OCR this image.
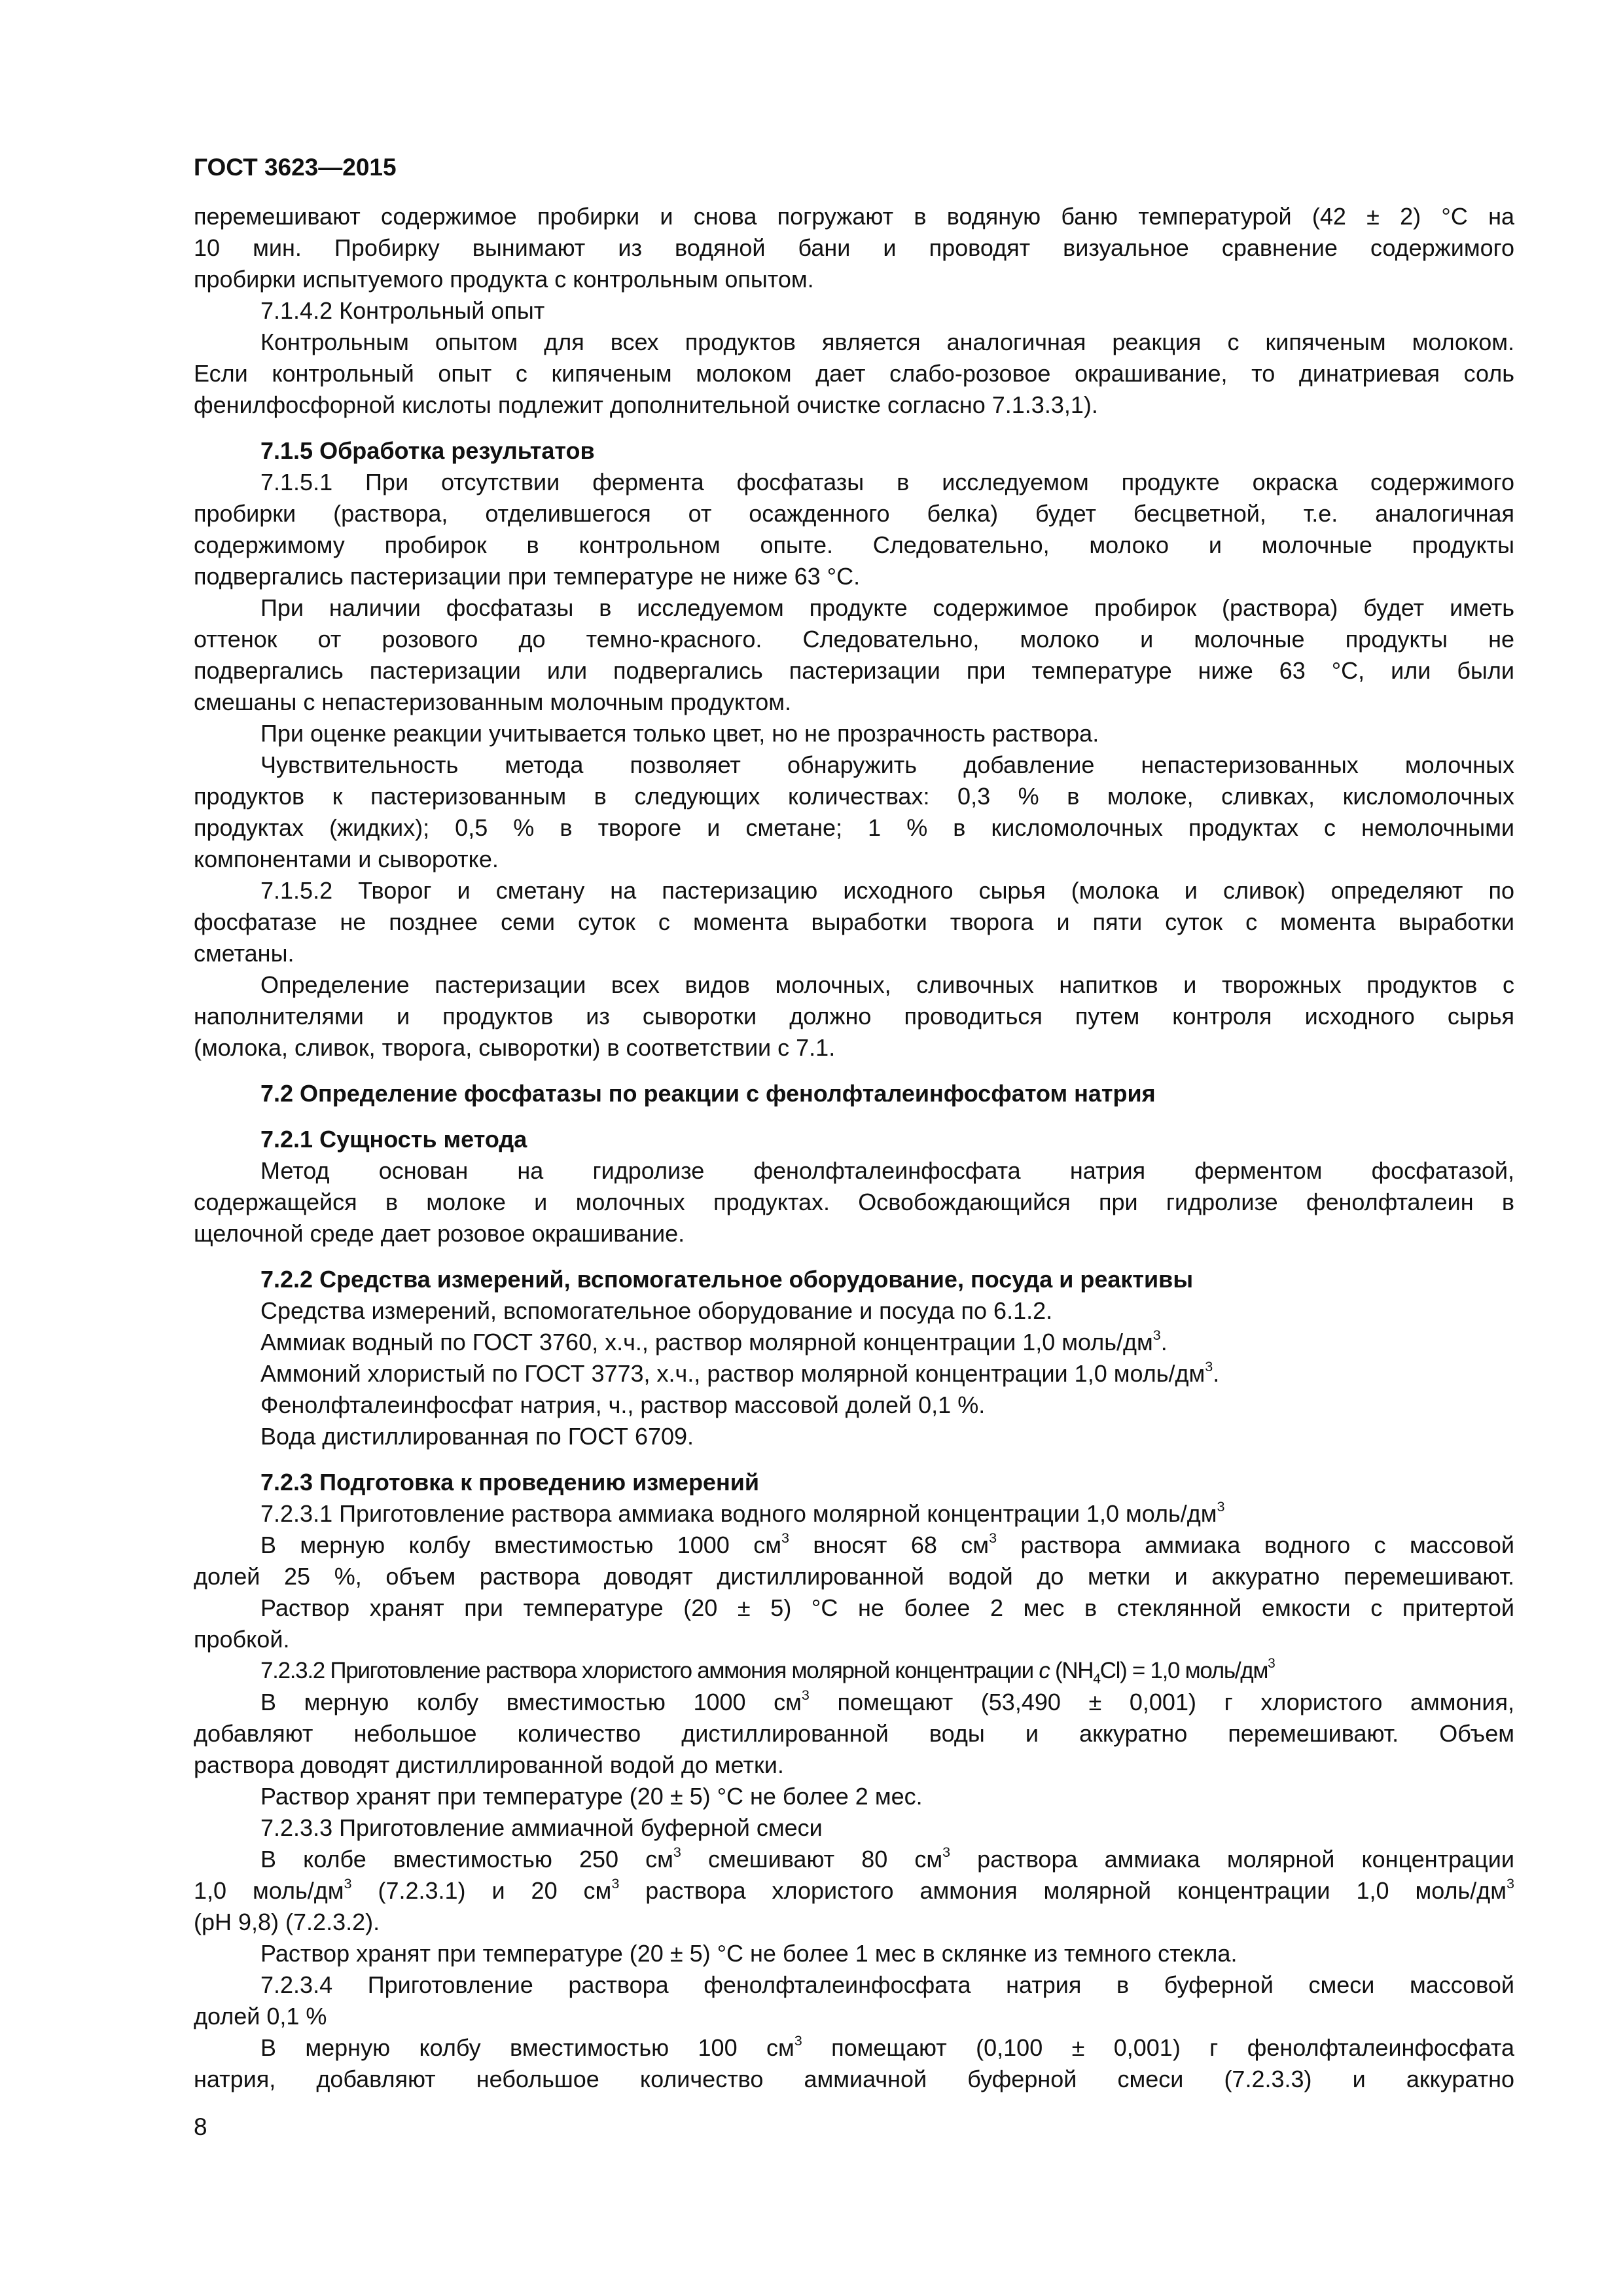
ГОСТ 3623—2015
перемешивают содержимое пробирки и снова погружают в водяную баню температурой (42 ± 2) °С на
10 мин. Пробирку вынимают из водяной бани и проводят визуальное сравнение содержимого
пробирки испытуемого продукта с контрольным опытом.
7.1.4.2 Контрольный опыт
Контрольным опытом для всех продуктов является аналогичная реакция с кипяченым молоком.
Если контрольный опыт с кипяченым молоком дает слабо-розовое окрашивание, то динатриевая соль
фенилфосфорной кислоты подлежит дополнительной очистке согласно 7.1.3.3,1).
7.1.5 Обработка результатов
7.1.5.1 При отсутствии фермента фосфатазы в исследуемом продукте окраска содержимого
пробирки (раствора, отделившегося от осажденного белка) будет бесцветной, т.е. аналогичная
содержимому пробирок в контрольном опыте. Следовательно, молоко и молочные продукты
подвергались пастеризации при температуре не ниже 63 °С.
При наличии фосфатазы в исследуемом продукте содержимое пробирок (раствора) будет иметь
оттенок от розового до темно-красного. Следовательно, молоко и молочные продукты не
подвергались пастеризации или подвергались пастеризации при температуре ниже 63 °С, или были
смешаны с непастеризованным молочным продуктом.
При оценке реакции учитывается только цвет, но не прозрачность раствора.
Чувствительность метода позволяет обнаружить добавление непастеризованных молочных
продуктов к пастеризованным в следующих количествах: 0,3 % в молоке, сливках, кисломолочных
продуктах (жидких); 0,5 % в твороге и сметане; 1 % в кисломолочных продуктах с немолочными
компонентами и сыворотке.
7.1.5.2 Творог и сметану на пастеризацию исходного сырья (молока и сливок) определяют по
фосфатазе не позднее семи суток с момента выработки творога и пяти суток с момента выработки
сметаны.
Определение пастеризации всех видов молочных, сливочных напитков и творожных продуктов с
наполнителями и продуктов из сыворотки должно проводиться путем контроля исходного сырья
(молока, сливок, творога, сыворотки) в соответствии с 7.1.
7.2 Определение фосфатазы по реакции с фенолфталеинфосфатом натрия
7.2.1 Сущность метода
Метод основан на гидролизе фенолфталеинфосфата натрия ферментом фосфатазой,
содержащейся в молоке и молочных продуктах. Освобождающийся при гидролизе фенолфталеин в
щелочной среде дает розовое окрашивание.
7.2.2 Средства измерений, вспомогательное оборудование, посуда и реактивы
Средства измерений, вспомогательное оборудование и посуда по 6.1.2.
Аммиак водный по ГОСТ 3760, х.ч., раствор молярной концентрации 1,0 моль/$дм^3$.
Аммоний хлористый по ГОСТ 3773, х.ч., раствор молярной концентрации 1,0 моль/$дм^3$.
Фенолфталеинфосфат натрия, ч., раствор массовой долей 0,1 %.
Вода дистиллированная по ГОСТ 6709.
7.2.3 Подготовка к проведению измерений
7.2.3.1 Приготовление раствора аммиака водного молярной концентрации 1,0 моль/$дм^3$
В мерную колбу вместимостью 1000 $см^3$ вносят 68 $см^3$ раствора аммиака водного с массовой
долей 25 %, объем раствора доводят дистиллированной водой до метки и аккуратно перемешивают.
Раствор хранят при температуре (20 ± 5) °С не более 2 мес в стеклянной емкости с притертой
пробкой.
7.2.3.2 Приготовление раствора хлористого аммония молярной концентрации c $(NH_4Cl) = 1,0$ моль/$дм^3$
В мерную колбу вместимостью 1000 $см^3$ помещают (53,490 ± 0,001) г хлористого аммония,
добавляют небольшое количество дистиллированной воды и аккуратно перемешивают. Объем
раствора доводят дистиллированной водой до метки.
Раствор хранят при температуре (20 ± 5) °С не более 2 мес.
7.2.3.3 Приготовление аммиачной буферной смеси
В колбе вместимостью 250 $см^3$ смешивают 80 $см^3$ раствора аммиака молярной концентрации
1,0 моль/$дм^3$ (7.2.3.1) и 20 $см^3$ раствора хлористого аммония молярной концентрации 1,0 моль/$дм^3$
(рН 9,8) (7.2.3.2).
Раствор хранят при температуре (20 ± 5) °С не более 1 мес в склянке из темного стекла.
7.2.3.4 Приготовление раствора фенолфталеинфосфата натрия в буферной смеси массовой
долей 0,1 %
В мерную колбу вместимостью 100 $см^3$ помещают (0,100 ± 0,001) г фенолфталеинфосфата
натрия, добавляют небольшое количество аммиачной буферной смеси (7.2.3.3) и аккуратно
8
